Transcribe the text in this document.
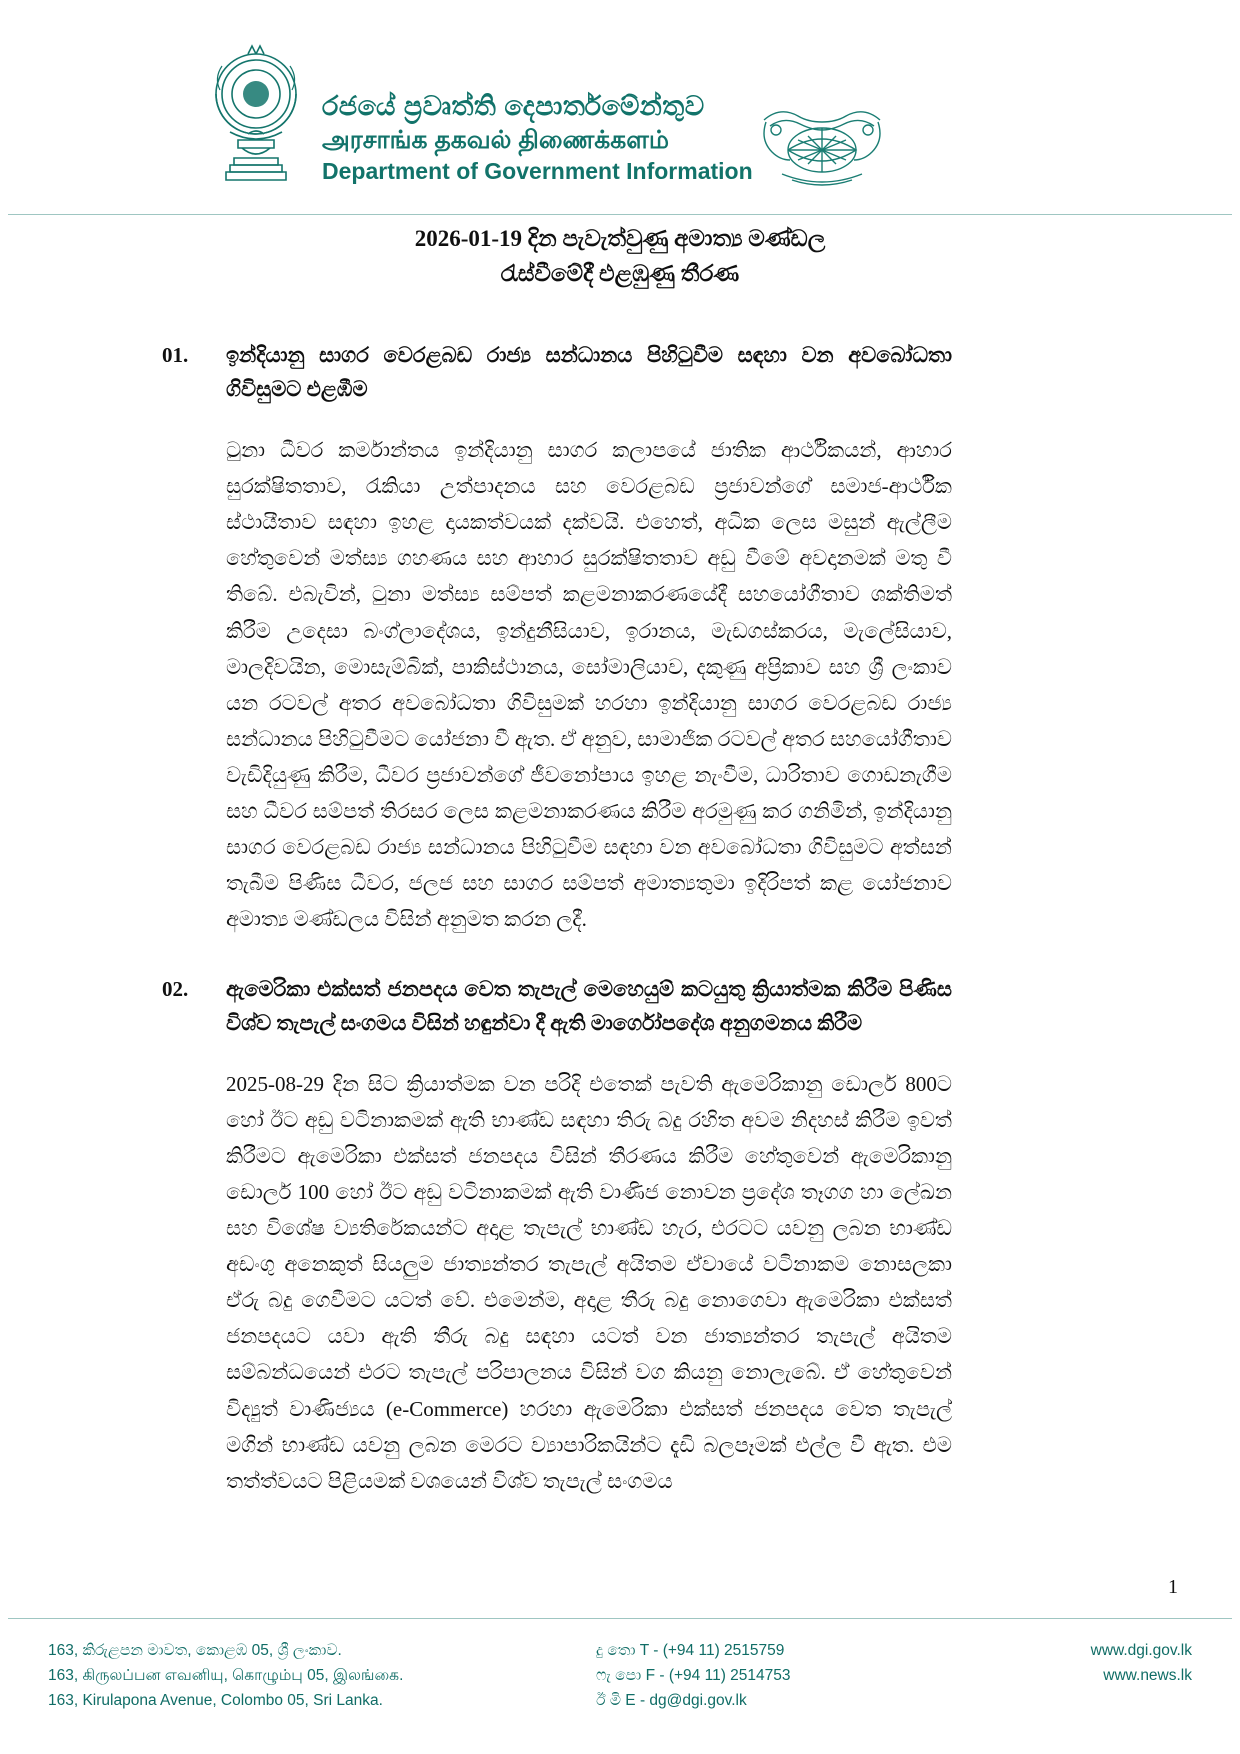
රජයේ ප්‍රවෘත්ති දෙපාර්තමේන්තුව
அரசாங்க தகவல் திணைக்களம்
Department of Government Information
2026-01-19 දින පැවැත්වුණු අමාත්‍ය මණ්ඩල
රැස්වීමේදී එළඹුණු තීරණ
01.	ඉන්දියානු සාගර වෙරළබඩ රාජ්‍ය සන්ධානය පිහිටුවීම සඳහා වන අවබෝධතා ගිවිසුමට එළඹීම
ටුනා ධීවර කර්මාන්තය ඉන්දියානු සාගර කලාපයේ ජාතික ආර්ථිකයන්, ආහාර සුරක්ෂිතතාව, රැකියා උත්පාදනය සහ වෙරළබඩ ප්‍රජාවන්ගේ සමාජ-ආර්ථික ස්ථායීතාව සඳහා ඉහළ දායකත්වයක් දක්වයි. එහෙත්, අධික ලෙස මසුන් ඇල්ලීම හේතුවෙන් මත්ස්‍ය ගහණය සහ ආහාර සුරක්ෂිතතාව අඩු වීමේ අවදානමක් මතු වී තිබේ. එබැවින්, ටුනා මත්ස්‍ය සම්පත් කළමනාකරණයේදී සහයෝගීතාව ශක්තිමත් කිරීම උදෙසා බංග්ලාදේශය, ඉන්දුනීසියාව, ඉරානය, මැඩගස්කරය, මැලේසියාව, මාලදිවයින, මොසැම්බික්, පාකිස්ථානය, සෝමාලියාව, දකුණු අප්‍රිකාව සහ ශ්‍රී ලංකාව යන රටවල් අතර අවබෝධතා ගිවිසුමක් හරහා ඉන්දියානු සාගර වෙරළබඩ රාජ්‍ය සන්ධානය පිහිටුවීමට යෝජනා වී ඇත. ඒ අනුව, සාමාජික රටවල් අතර සහයෝගීතාව වැඩිදියුණු කිරීම, ධීවර ප්‍රජාවන්ගේ ජීවනෝපාය ඉහළ නැංවීම, ධාරිතාව ගොඩනැගීම සහ ධීවර සම්පත් තිරසර ලෙස කළමනාකරණය කිරීම අරමුණු කර ගනිමින්, ඉන්දියානු සාගර වෙරළබඩ රාජ්‍ය සන්ධානය පිහිටුවීම සඳහා වන අවබෝධතා ගිවිසුමට අත්සන් තැබීම පිණිස ධීවර, ජලජ සහ සාගර සම්පත් අමාත්‍යතුමා ඉදිරිපත් කළ යෝජනාව අමාත්‍ය මණ්ඩලය විසින් අනුමත කරන ලදී.
02.	ඇමෙරිකා එක්සත් ජනපදය වෙත තැපැල් මෙහෙයුම් කටයුතු ක්‍රියාත්මක කිරීම පිණිස විශ්ව තැපැල් සංගමය විසින් හඳුන්වා දී ඇති මාර්ගෝපදේශ අනුගමනය කිරීම
2025-08-29 දින සිට ක්‍රියාත්මක වන පරිදි එතෙක් පැවති ඇමෙරිකානු ඩොලර් 800ට හෝ ඊට අඩු වටිනාකමක් ඇති භාණ්ඩ සඳහා තිරු බදු රහිත අවම නිදහස් කිරීම ඉවත් කිරීමට ඇමෙරිකා එක්සත් ජනපදය විසින් තීරණය කිරීම හේතුවෙන් ඇමෙරිකානු ඩොලර් 100 හෝ ඊට අඩු වටිනාකමක් ඇති වාණිජ නොවන ප්‍රදේශ තෑගග හා ලේඛන සහ විශේෂ ව්‍යතිරේකයන්ට අදාළ තැපැල් භාණ්ඩ හැර, එරටට යවනු ලබන භාණ්ඩ අඩංගු අනෙකුත් සියලුම ජාත්‍යන්තර තැපැල් අයිතම ඒවායේ වටිනාකම නොසලකා ඒරු බදු ගෙවීමට යටත් වේ. එමෙන්ම, අදාළ තීරු බදු නොගෙවා ඇමෙරිකා එක්සත් ජනපදයට යවා ඇති තීරු බදු සඳහා යටත් වන ජාත්‍යන්තර තැපැල් අයිතම සම්බන්ධයෙන් එරට තැපැල් පරිපාලනය විසින් වග කියනු නොලැබේ. ඒ හේතුවෙන් විද්‍යුත් වාණිජ්‍යය (e-Commerce) හරහා ඇමෙරිකා එක්සත් ජනපදය වෙත තැපැල් මගින් භාණ්ඩ යවනු ලබන මෙරට ව්‍යාපාරිකයින්ට දැඩි බලපෑමක් එල්ල වී ඇත. එම තත්ත්වයට පිළියමක් වශයෙන් විශ්ව තැපැල් සංගමය
1
163, කිරුළපන මාවත, කොළඹ 05, ශ්‍රී ලංකාව.
163, கிருலப்பன எவனியு, கொழும்பு 05, இலங்கை.
163, Kirulapona Avenue, Colombo 05, Sri Lanka.
දු තො T - (+94 11) 2515759
ෆැ පො F - (+94 11) 2514753
ඊ මි E - dg@dgi.gov.lk
www.dgi.gov.lk
www.news.lk
